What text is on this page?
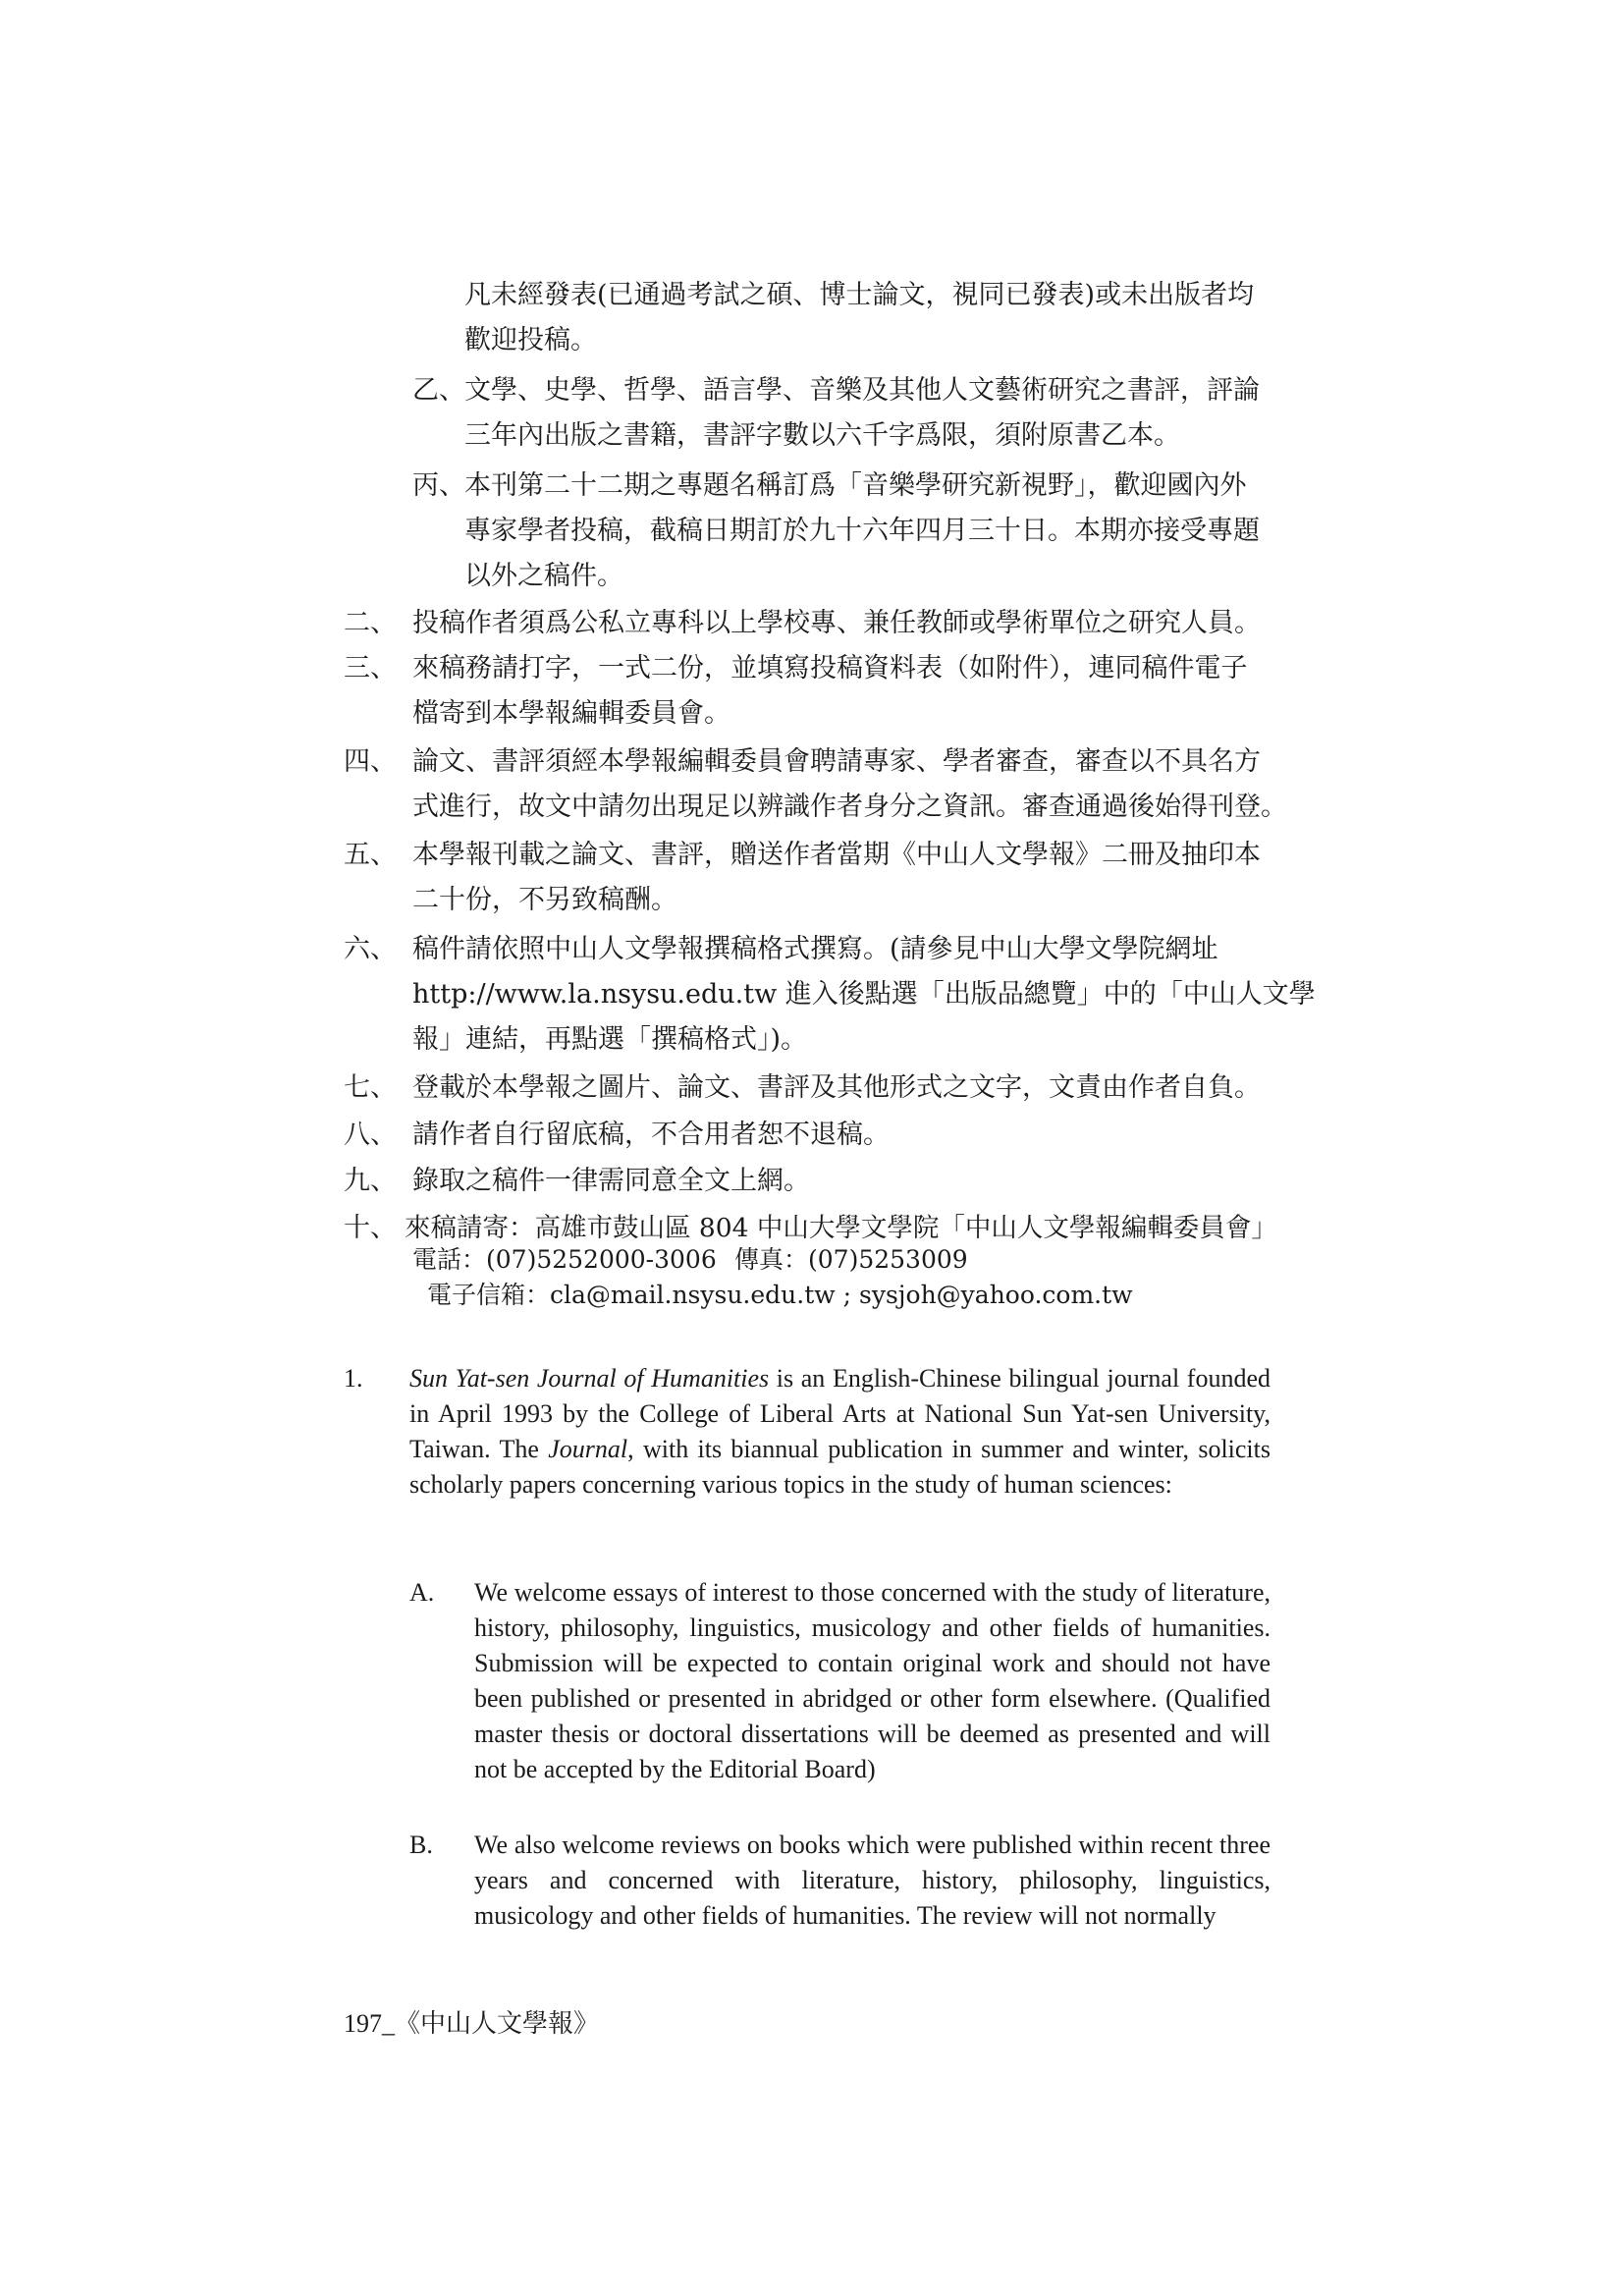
凡未經發表(已通過考試之碩、博士論文，視同已發表)或未出版者均
歡迎投稿。
乙、 文學、史學、哲學、語言學、音樂及其他人文藝術研究之書評，評論
三年內出版之書籍，書評字數以六千字爲限，須附原書乙本。
丙、 本刊第二十二期之專題名稱訂爲「音樂學研究新視野」，歡迎國內外
專家學者投稿，截稿日期訂於九十六年四月三十日。本期亦接受專題
以外之稿件。
二、 投稿作者須爲公私立專科以上學校專、兼任教師或學術單位之研究人員。
三、 來稿務請打字，一式二份，並填寫投稿資料表（如附件），連同稿件電子
檔寄到本學報編輯委員會。
四、 論文、書評須經本學報編輯委員會聘請專家、學者審查，審查以不具名方
式進行，故文中請勿出現足以辨識作者身分之資訊。審查通過後始得刊登。
五、 本學報刊載之論文、書評，贈送作者當期《中山人文學報》二冊及抽印本
二十份，不另致稿酬。
六、 稿件請依照中山人文學報撰稿格式撰寫。(請參見中山大學文學院網址
http://www.la.nsysu.edu.tw 進入後點選「出版品總覽」中的「中山人文學
報」連結，再點選「撰稿格式」)。
七、 登載於本學報之圖片、論文、書評及其他形式之文字，文責由作者自負。
八、 請作者自行留底稿，不合用者恕不退稿。
九、 錄取之稿件一律需同意全文上網。
十、 來稿請寄：高雄市鼓山區 804 中山大學文學院「中山人文學報編輯委員會」
電話：(07)5252000-3006 傳真：(07)5253009
電子信箱：cla@mail.nsysu.edu.tw ; sysjoh@yahoo.com.tw
1. Sun Yat-sen Journal of Humanities is an English-Chinese bilingual journal founded in April 1993 by the College of Liberal Arts at National Sun Yat-sen University, Taiwan. The Journal, with its biannual publication in summer and winter, solicits scholarly papers concerning various topics in the study of human sciences:
A. We welcome essays of interest to those concerned with the study of literature, history, philosophy, linguistics, musicology and other fields of humanities. Submission will be expected to contain original work and should not have been published or presented in abridged or other form elsewhere. (Qualified master thesis or doctoral dissertations will be deemed as presented and will not be accepted by the Editorial Board)
B. We also welcome reviews on books which were published within recent three years and concerned with literature, history, philosophy, linguistics, musicology and other fields of humanities. The review will not normally
197_《中山人文學報》
